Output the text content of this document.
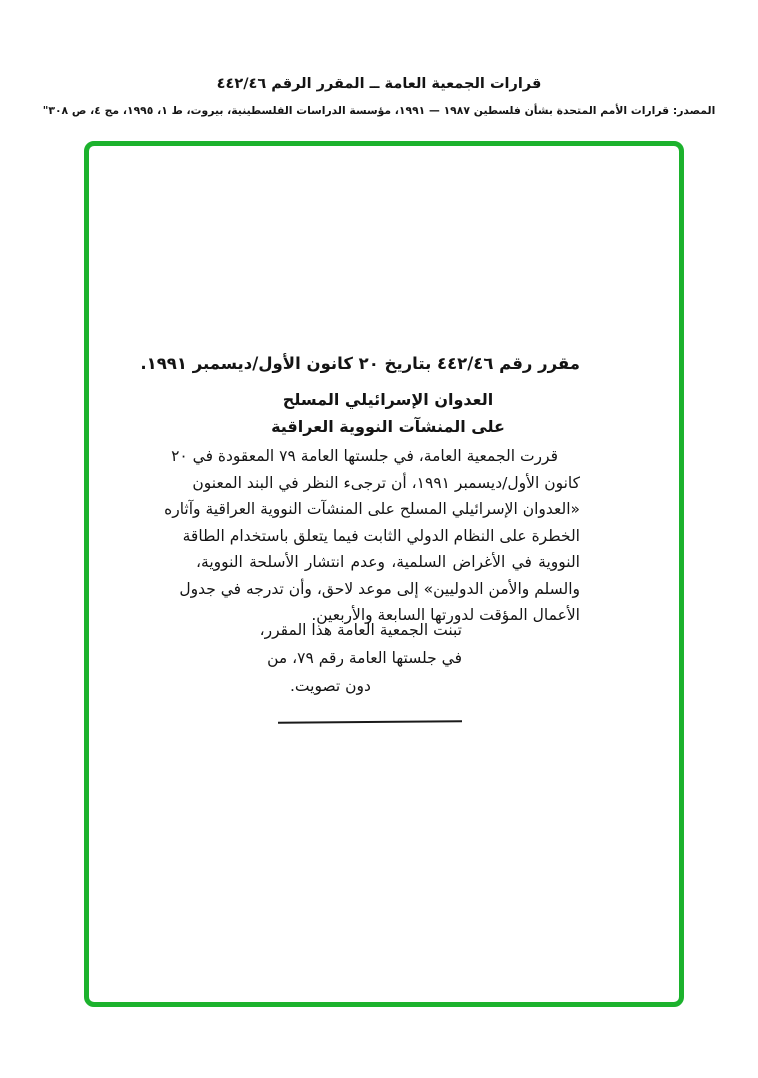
قرارات الجمعية العامة ــ المقرر الرقم ٤٤٢/٤٦
المصدر: قرارات الأمم المتحدة بشأن فلسطين ١٩٨٧ — ١٩٩١، مؤسسة الدراسات الفلسطينية، بيروت، ط ١، ١٩٩٥، مج ٤، ص ٣٠٨"
مقرر رقم ٤٤٢/٤٦ بتاريخ ٢٠ كانون الأول/ديسمبر ١٩٩١.
العدوان الإسرائيلي المسلح
على المنشآت النووية العراقية
قررت الجمعية العامة، في جلستها العامة ٧٩ المعقودة في ٢٠
كانون الأول/ديسمبر ١٩٩١، أن ترجىء النظر في البند المعنون
«العدوان الإسرائيلي المسلح على المنشآت النووية العراقية وآثاره
الخطرة على النظام الدولي الثابت فيما يتعلق باستخدام الطاقة
النووية في الأغراض السلمية، وعدم انتشار الأسلحة النووية،
والسلم والأمن الدوليين» إلى موعد لاحق، وأن تدرجه في جدول
الأعمال المؤقت لدورتها السابعة والأربعين.
تبنت الجمعية العامة هذا المقرر،
في جلستها العامة رقم ٧٩، من
دون تصويت.
